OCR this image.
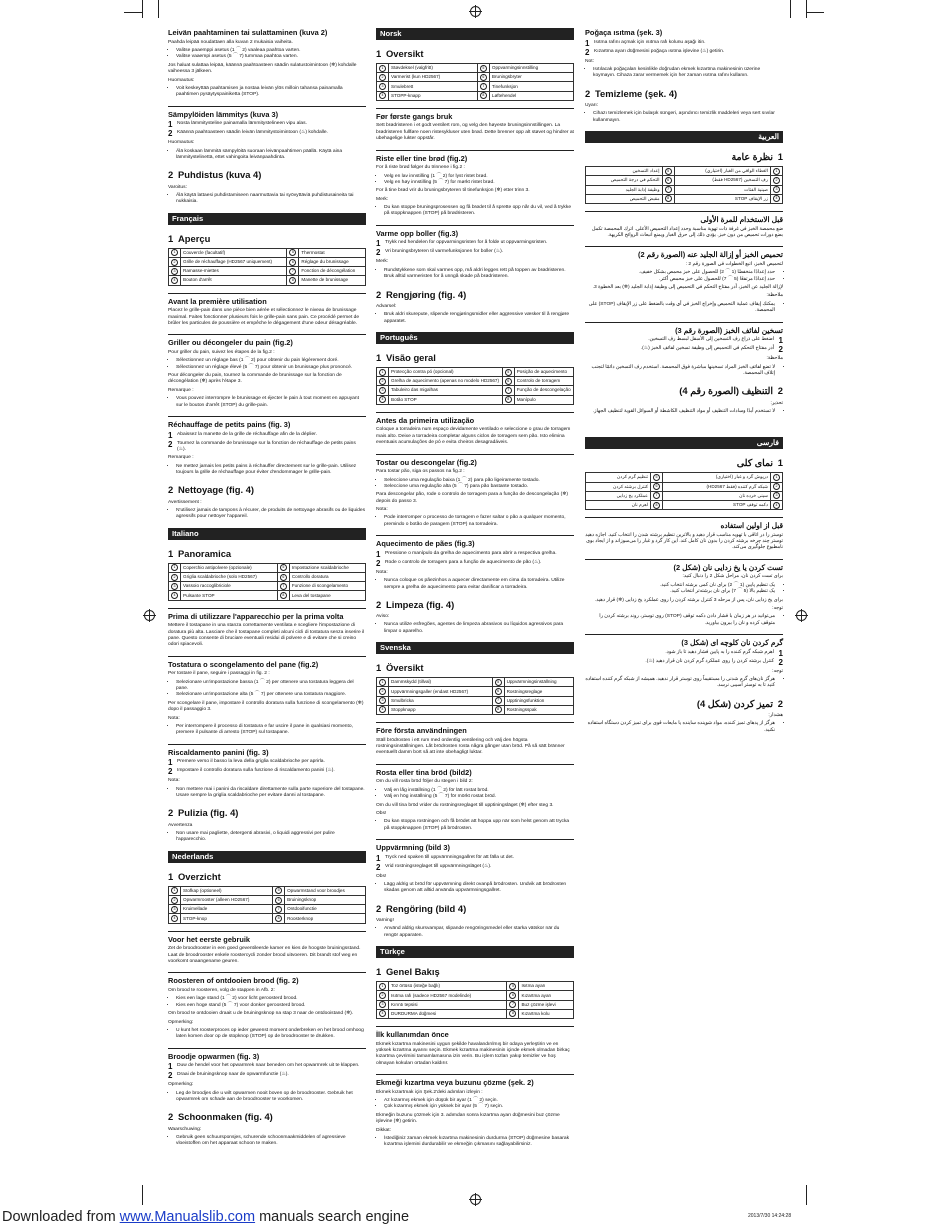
Leivän paahtaminen tai sulattaminen (kuva 2)

Paahda leipää noudattaen alla kuvan 2 mukaisia vaiheita.

• Valitse paaemppi asetus (1 ⌒ 2) vaaleaa paahtoa varten.
• Valitse vaaempi asetus (5 ⌒ 7) tummaa paahtoa varten.

Jos haluat sulattaa leipää, käännä paahtoasteen säädin sulatustoimintoon (❄) kohdalle vaiheessa 3 jälkeen.

Huomautus:

• Voit keskeyttää paahtamisen ja nostaa leivän ylös milloin tahansa painamalla paahtimen pysäytyspainiketta (STOP).
Sämpylöiden lämmitys (kuva 3)
1 Nosta lämmitysteline painamalla lämmitystelineen vipu alas.
2 Käännä paahtoasteen säädin leivän lämmitystoimintoon (♨) kohdalle.

Huomautus:

• Älä koskaan lämmitä sämpylöitä suoraan leivänpaahtimen päällä. Käytä aina lämmitystelinettä, ettet vahingoita leivänpaahdinta.
2 Puhdistus (kuva 4)

Varoitus:

• Älä käytä lattaesi puhdistamiseen naarmuttavia tai syövyttäviä puhdistusaineita tai nukkaisia.
Français
1 Aperçu
1	Couvercle (facultatif)	5	Thermostat
2	Grille de réchauffage (HD2567 uniquement)	6	Réglage du brunissage
3	Ramasse-miettes	7	Fonction de décongélation
4	Bouton d'arrêt	8	Manette de brunissage
Avant la première utilisation

Placez le grille-pain dans une pièce bien aérée et sélectionnez le niveau de brunissage maximal. Faites fonctionner plusieurs fois le grille-pain sans pain. Ce procédé permet de brûler les particules de poussière et empêche le dégagement d'une odeur désagréable.

Griller ou décongeler du pain (fig.2)

Pour griller du pain, suivez les étapes de la fig.2 :

• Sélectionnez un réglage bas (1 ⌒ 2) pour obtenir du pain légèrement doré.
• Sélectionnez un réglage élevé (5 ⌒ 7) pour obtenir un brunissage plus prononcé.

Pour décongeler du pain, tournez la commande de brunissage sur la fonction de décongélation (❄) après l'étape 3.

Remarque :

• Vous pouvez interrompre le brunissage et éjecter le pain à tout moment en appuyant sur le bouton d'arrêt (STOP) du grille-pain.
Réchauffage de petits pains (fig. 3)
1 Abaissez la manette de la grille de réchauffage afin de la déplier.
2 Tournez la commande de brunissage sur la fonction de réchauffage de petits pains (♨).

Remarque :

• Ne mettez jamais les petits pains à réchauffer directement sur le grille-pain. Utilisez toujours la grille de réchauffage pour éviter d'endommager le grille-pain.
2 Nettoyage (fig. 4)

Avertissement :

• N'utilisez jamais de tampons à récurer, de produits de nettoyage abrasifs ou de liquides agressifs pour nettoyer l'appareil.
Italiano
1 Panoramica
1	Coperchio antipolvere (opzionale)	5	Impostazione scaldabrioche
2	Griglia scaldabrioche (solo HD2567)	6	Controllo doratura
3	Vassoio raccoglibriciole	7	Funzione di scongelamento
4	Pulsante STOP	8	Leva del tostapane
Prima di utilizzare l'apparecchio per la prima volta

Mettere il tostapane in una stanza correttamente ventilata e scegliere l'impostazione di doratura più alta. Lasciare che il tostapane completi alcuni cicli di tostatura senza inserire il pane. Questo consente di bruciare eventuali residui di polvere e di evitare che si creino odori spiacevoli.

Tostatura o scongelamento del pane (fig.2)

Per tostare il pane, seguire i passaggi in fig. 2 :

• Selezionare un'impostazione bassa (1 ⌒ 2) per ottenere una tostatura leggera del pane.
• Selezionare un'impostazione alta (5 ⌒ 7) per ottenere una tostatura maggiore.

Per scongelare il pane, impostare il controllo doratura sulla funzione di scongelamento (❄) dopo il passaggio 3.

Nota:

• Per interrompere il processo di tostatura e far uscire il pane in qualsiasi momento, premere il pulsante di arresto (STOP) sul tostapane.
Riscaldamento panini (fig. 3)
1 Premere verso il basso la leva della griglia scaldabrioche per aprirla.
2 Impostare il controllo doratura sulla funzione di riscaldamento panini (♨).

Nota:

• Non mettere mai i panini da riscaldare direttamente sulla parte superiore del tostapane. Usare sempre la griglia scaldabrioche per evitare danni al tostapane.
2 Pulizia (fig. 4)

Avvertenza

• Non usare mai pagliette, detergenti abrasivi, o liquidi aggressivi per pulire l'apparecchio.
Nederlands
1 Overzicht
1	Stofkap (optioneel)	5	Opwarmstand voor broodjes
2	Opwarmrooster (alleen HD2567)	6	Bruiningsknop
3	Kruimellade	7	Ontdooifunctie
4	STOP-knop	8	Roosterknop
Voor het eerste gebruik

Zet de broodrooster in een goed geventileerde kamer en kies de hoogste bruiningsstand. Laat de broodrooster enkele roostercycli zonder brood uitvoeren. Dit brandt stof weg en voorkomt onaangename geuren.

Roosteren of ontdooien brood (fig. 2)

Om brood te roosteren, volg de stappen in Afb. 2:

• Kies een lage stand (1 ⌒ 2) voor licht geroosterd brood.
• Kies een hoge stand (5 ⌒ 7) voor donker geroosterd brood.

Om brood te ontdooien draait u de bruiningsknop na stap 3 naar de ontdooistand (❄).

Opmerking:

• U kunt het roosterproces op ieder gewenst moment onderbreken en het brood omhoog laten komen door op de stopknop (STOP) op de broodrooster te drukken.
Broodje opwarmen (fig. 3)
1 Duw de hendel voor het opwarmrek naar beneden om het opwarmrek uit te klappen.
2 Draai de bruiningsknop naar de opwarmfunctie (♨).

Opmerking:

• Leg de broodjes die u wilt opwarmen nooit boven op de broodrooster. Gebruik het opwarmrek om schade aan de broodrooster te voorkomen.
2 Schoonmaken (fig. 4)

Waarschuwing:

• Gebruik geen schuursponsjes, schurende schoonmaakmiddelen of agressieve vloeistoffen om het apparaat schoon te maken.
Norsk
1 Oversikt
1	Støvdeksel (valgfritt)	5	Oppvarmingsinnstilling
2	Varmerist (kun HD2567)	6	Bruningsbryter
3	Smulebrett	7	Tinefunksjon
4	STOPP-knapp	8	Løftehendel
Før første gangs bruk

Sett brødristeren i et godt ventilert rom, og velg den høyeste bruningsinnstillingen. La brødristeren fullføre noen ristesykluser uten brød. Dette brenner opp alt støvet og hindrer at ubehagelige lukter oppstår.

Riste eller tine brød (fig.2)

For å riste brød følger du trinnene i fig.2 :

• Velg en lav innstilling (1 ⌒ 2) for lyst ristet brød.
• Velg en høy innstilling (5 ⌒ 7) for mørkt ristet brød.

For å tine brød vrir du bruningsbryteren til tinefunksjon (❄) etter trinn 3.

Merk:

• Du kan stoppe bruningsprosessen og få brødet til å sprette opp når du vil, ved å trykke på stoppknappen (STOP) på brødristeren.
Varme opp boller (fig.3)
1 Trykk ned hendelen for oppvarmingsristen for å folde ut oppvarmingsristen.
2 Vri bruningsbryteren til varmefunksjonen for boller (♨).

Merk:

• Rundstykkene som skal varmes opp, må aldri legges rett på toppen av brødristeren. Bruk alltid varmeristen for å unngå skade på brødristeren.
2 Rengjøring (fig. 4)

Advarsel:

• Bruk aldri skurepute, slipende rengjøringsmidler eller aggressive væsker til å rengjøre apparatet.
Português
1 Visão geral
1	Protecção contra pó (opcional)	5	Posição de aquecimento
2	Grelha de aquecimento (apenas no modelo HD2567)	6	Controlo de torragem
3	Tabuleiro das migalhas	7	Função de descongelação
4	Botão STOP	8	Manípulo
Antes da primeira utilização

Coloque a torradeira num espaço devidamente ventilado e seleccione o grau de torragem mais alto. Deixe a torradeira completar alguns ciclos de torragem sem pão. Isto elimina eventuais acumulações de pó e evita cheiros desagradáveis.

Tostar ou descongelar (fig.2)

Para tostar pão, siga os passos na fig.2 :

• Seleccione uma regulação baixa (1 ⌒ 2) para pão ligeiramente tostado.
• Seleccione uma regulação alta (5 ⌒ 7) para pão bastante tostado.

Para descongelar pão, rode o controlo de torragem para a função de descongelação (❄) depois do passo 3.

Nota:

• Pode interromper o processo de torragem e fazer saltar o pão a qualquer momento, premindo o botão de paragem (STOP) na torradeira.
Aquecimento de pães (fig.3)
1 Pressione o manípulo da grelha de aquecimento para abrir a respectiva grelha.
2 Rode o controlo de torragem para a função de aquecimento de pão (♨).

Nota:

• Nunca coloque os pãezinhos a aquecer directamente em cima da torradeira. Utilize sempre a grelha de aquecimento para evitar danificar a torradeira.
2 Limpeza (fig. 4)

Aviso:

• Nunca utilize esfregões, agentes de limpeza abrasivos ou líquidos agressivos para limpar o aparelho.
Svenska
1 Översikt
1	Dammskydd (tillval)	5	Uppvärmningsinställning
2	Uppvärmningsgaller (endast HD2567)	6	Rostningsreglage
3	Smulbricka	7	Upptiningsfunktion
4	Stoppknapp	8	Rostningsspak
Före första användningen

Ställ brödrosten i ett rum med ordentlig ventilering och välj den högsta rostningsinställningen. Låt brödrosten rosta några gånger utan bröd. På så sätt bränner eventuellt damm bort så att inte obehagligt luktar.

Rosta eller tina bröd (bild2)

Om du vill rosta bröd följer du stegen i bild 2:

• Välj en låg inställning (1 ⌒ 2) för lätt rostat bröd.
• Välj en hög inställning (5 ⌒ 7) för mörkt rostat bröd.

Om du vill tina bröd vrider du rostningsreglaget till upptiningsläget (❄) efter steg 3.

Obs!

• Du kan stoppa rostningen och få brödet att hoppa upp när som helst genom att trycka på stoppknappen (STOP) på brödrosten.
Uppvärmning (bild 3)
1 Tryck ned spaken till uppvärmningsgallret för att fälla ut det.
2 Vrid rostningsreglaget till uppvärmningsläget (♨).

Obs!

• Lägg aldrig ut bröd för uppvärmning direkt ovanpå brödrosten. Undvik att brödrosten skadas genom att alltid använda uppvärmningsgallret.
2 Rengöring (bild 4)

Varning!

• Använd aldrig skursvampar, slipande rengöringsmedel eller starka vätskor när du rengör apparaten.
Türkçe
1 Genel Bakış
1	Toz örtüsü (isteğe bağlı)	5	Isıtma ayarı
2	Isıtma rafı (sadece HD2567 modelinde)	6	Kızartma ayarı
3	Kırıntı tepsisi	7	Buz çözme işlevi
4	DURDURMA düğmesi	8	Kızartma kolu
İlk kullanımdan önce

Ekmek kızartma makinesini uygun şekilde havalandırılmış bir odaya yerleştirin ve en yüksek kızartma ayarını seçin. Ekmek kızartma makinesinin içinde ekmek olmadan birkaç kızartma çevrimini tamamlamasına izin verin. Bu işlem tozları yakıp temizler ve hoş olmayan kokuları ortadan kaldırır.

Ekmeği kızartma veya buzunu çözme (şek. 2)

Ekmek kızartmak için Şek.2'deki adımları izleyin :

• Az kızarmış ekmek için düşük bir ayar (1 ⌒ 2) seçin.
• Çok kızarmış ekmek için yüksek bir ayar (5 ⌒ 7) seçin.

Ekmeğin buzunu çözmek için 3. adımdan sonra kızartma ayarı düğmesini buz çözme işlevine (❄) getirin.

Dikkat:

• İstediğiniz zaman ekmek kızartma makinesinin durdurma (STOP) düğmesine basarak kızartma işlemini durdurabilir ve ekmeğin çıkmasını sağlayabilirsiniz.
Poğaça ısıtma (şek. 3)
1 Isıtma rafını açmak için ısıtma rafı kolunu aşağı itin.
2 Kızartma ayarı düğmesini poğaça ısıtma işlevine (♨) getirin.

Not:

• Isıtılacak poğaçaları kesinlikle doğrudan ekmek kızartma makinesinin üzerine koymayın. Cihaza zarar vermemek için her zaman ısıtma rafını kullanın.
2 Temizleme (şek. 4)

Uyarı:

• Cihazı temizlemek için bulaşık süngeri, aşındırıcı temizlik maddeleri veya sert sıvılar kullanmayın.
العربية
1نظرة عامة
1	الغطاء الواقي من الغبار (اختياري)	5	إعداد التسخين
2	رف التسخين (HD2567 فقط)	6	التحكم في درجة التحميص
3	صينية الفتات	7	وظيفة إذابة الجليد
4	زر الإيقاف STOP	8	مقبض التحميص
قبل الاستخدام للمرة الأولى

ضع محمصة الخبز في غرفة ذات تهوية مناسبة وحدد إعداد التحميص الأعلى. اترك المحمصة تكمل بضع دورات تحميص من دون خبز. يؤدي ذلك إلى حرق الغبار ويمنع انبعاث الروائح الكريهة.

تحميص الخبز أو إزالة الجليد عنه (الصورة رقم 2)

لتحميص الخبز، اتبع الخطوات في الصورة رقم 2 :

• حدد إعدادًا منخفضًا (1 ⌒ 2) للحصول على خبز محمص بشكل خفيف.
• حدد إعدادًا مرتفعًا (5 ⌒ 7) للحصول على خبز محمص أكثر.

لإزالة الجليد عن الخبز، أدر مفتاح التحكم في التحميص إلى وظيفة إذابة الجليد (❄) بعد الخطوة 3.

ملاحظة:

• يمكنك إيقاف عملية التحميص وإخراج الخبز في أي وقت بالضغط على زر الإيقاف (STOP) على المحمصة.
تسخين لفائف الخبز (الصورة رقم 3)
1
اضغط على ذراع رف التسخين إلى الأسفل لبسط رف التسخين.
2
أدر مفتاح التحكم في التحميص إلى وظيفة تسخين لفائف الخبز (♨).

ملاحظة:

• لا تضع لفائف الخبز المراد تسخينها مباشرة فوق المحمصة. استخدم رف التسخين دائمًا لتجنب إتلاف المحمصة.
2التنظيف (الصورة رقم 4)

تحذير:

• لا تستخدم أبدًا وسادات التنظيف أو مواد التنظيف الكاشطة أو السوائل القوية لتنظيف الجهاز.
فارسی
1نمای کلی
1	درپوش گرد و غبار (اختیاری)	5	تنظیم گرم کردن
2	شبکه گرم کننده (فقط HD2567)	6	کنترل برشته کردن
3	سینی خرده نان	7	عملکرد یخ زدایی
4	دکمه توقف STOP	8	اهرم نان
قبل از اولین استفاده

توستر را در اتاقی با تهویه مناسب قرار دهید و بالاترین تنظیم برشته شدن را انتخاب کنید. اجازه دهید توستر چند چرخه برشته کردن را بدون نان کامل کند. این کار گرد و غبار را می‌سوزاند و از ایجاد بوی نامطبوع جلوگیری می‌کند.

تست کردن یا یخ زدایی نان (شکل 2)

برای تست کردن نان، مراحل شکل 2 را دنبال کنید:

• یک تنظیم پایین (1 ⌒ 2) برای نان کمی برشته انتخاب کنید.
• یک تنظیم بالا (5 ⌒ 7) برای نان برشته‌تر انتخاب کنید.

برای یخ زدایی نان، پس از مرحله 3 کنترل برشته کردن را روی عملکرد یخ زدایی (❄) قرار دهید.

توجه:

• می‌توانید در هر زمان با فشار دادن دکمه توقف (STOP) روی توستر، روند برشته کردن را متوقف کرده و نان را بیرون بیاورید.
گرم کردن نان کلوچه ای (شکل 3)
1
اهرم شبکه گرم کننده را به پایین فشار دهید تا باز شود.
2
کنترل برشته کردن را روی عملکرد گرم کردن نان قرار دهید (♨).

توجه:

• هرگز نان‌های گرم شدنی را مستقیماً روی توستر قرار ندهید. همیشه از شبکه گرم کننده استفاده کنید تا به توستر آسیبی نرسد.
2تمیز کردن (شکل 4)

هشدار:

• هرگز از پدهای تمیز کننده، مواد شوینده ساینده یا مایعات قوی برای تمیز کردن دستگاه استفاده نکنید.
Downloaded from www.Manualslib.com manuals search engine	2013/7/30 14:24:28
